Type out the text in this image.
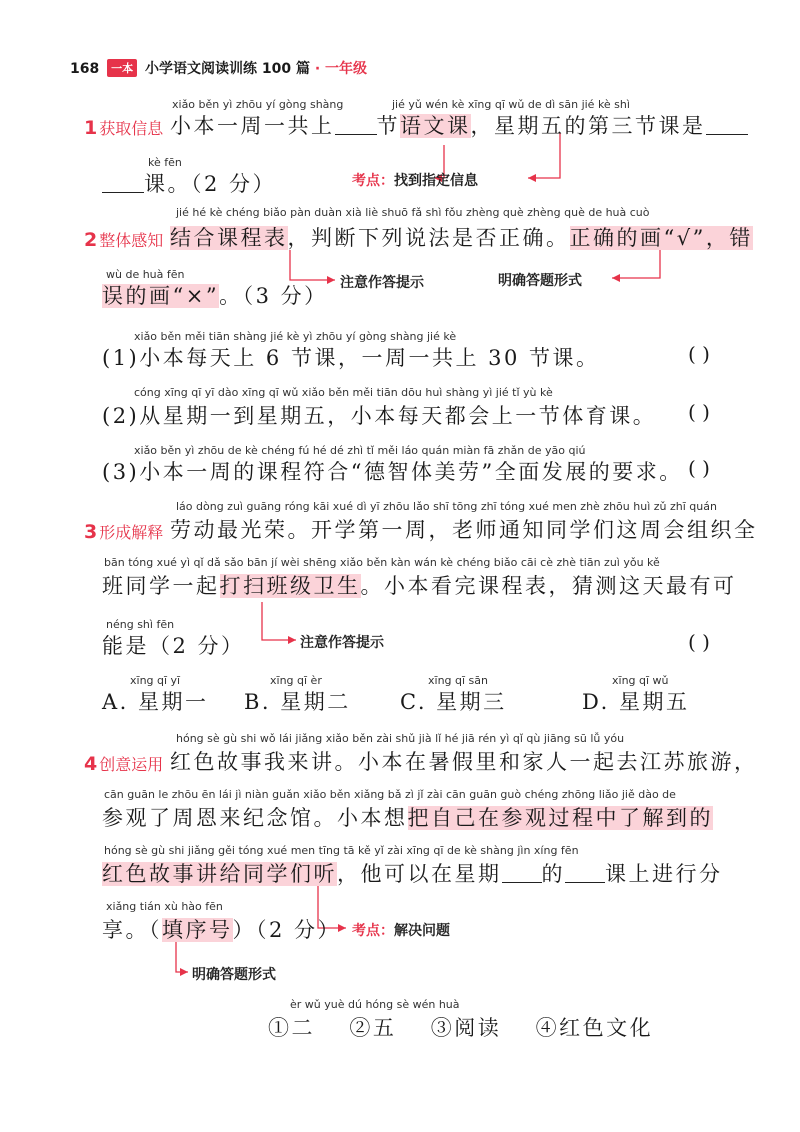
168 一本 小学语文阅读训练 100 篇 · 一年级
xiǎo běn yì zhōu yí gòng shàng	jié yǔ wén kè xīng qī wǔ de dì sān jié kè shì
1 获取信息 小本一周一共上 节语文课，星期五的第三节课是
kè fēn
课。（2 分）	考点：找到指定信息
jié hé kè chéng biǎo pàn duàn xià liè shuō fǎ shì fǒu zhèng què zhèng què de huà cuò
2 整体感知 结合课程表，判断下列说法是否正确。正确的画“√”，错
wù de huà fēn
误的画“×”。（3 分）
注意作答提示	明确答题形式
xiǎo běn měi tiān shàng jié kè yì zhōu yí gòng shàng jié kè
(1)小本每天上 6 节课，一周一共上 30 节课。	( )
cóng xīng qī yī dào xīng qī wǔ xiǎo běn měi tiān dōu huì shàng yì jié tǐ yù kè
(2)从星期一到星期五，小本每天都会上一节体育课。 ( )
xiǎo běn yì zhōu de kè chéng fú hé dé zhì tǐ měi láo quán miàn fā zhǎn de yāo qiú
(3)小本一周的课程符合“德智体美劳”全面发展的要求。 ( )
láo dòng zuì guāng róng kāi xué dì yī zhōu lǎo shī tōng zhī tóng xué men zhè zhōu huì zǔ zhī quán
3 形成解释 劳动最光荣。开学第一周，老师通知同学们这周会组织全
bān tóng xué yì qǐ dǎ sǎo bān jí wèi shēng xiǎo běn kàn wán kè chéng biǎo cāi cè zhè tiān zuì yǒu kě
班同学一起打扫班级卫生。小本看完课程表，猜测这天最有可
néng shì fēn
能是（2 分）	注意作答提示	( )
xīng qī yī
A. 星期一
xīng qī èr
B. 星期二
xīng qī sān
C. 星期三
xīng qī wǔ
D. 星期五
hóng sè gù shi wǒ lái jiǎng xiǎo běn zài shǔ jià lǐ hé jiā rén yì qǐ qù jiāng sū lǚ yóu
4 创意运用 红色故事我来讲。小本在暑假里和家人一起去江苏旅游，
cān guān le zhōu ēn lái jì niàn guǎn xiǎo běn xiǎng bǎ zì jǐ zài cān guān guò chéng zhōng liǎo jiě dào de
参观了周恩来纪念馆。小本想把自己在参观过程中了解到的
hóng sè gù shi jiǎng gěi tóng xué men tīng tā kě yǐ zài xīng qī de kè shàng jìn xíng fēn
红色故事讲给同学们听，他可以在星期 的 课上进行分
xiǎng tián xù hào fēn
享。（填序号）（2 分） 考点：解决问题
明确答题形式
èr wǔ yuè dú hóng sè wén huà
①二 ②五 ③阅读 ④红色文化
